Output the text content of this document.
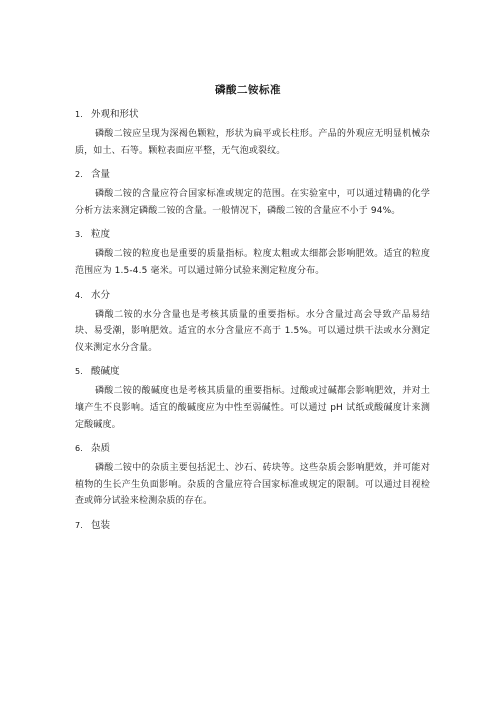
磷酸二铵标准
1. 外观和形状
磷酸二铵应呈现为深褐色颗粒，形状为扁平或长柱形。产品的外观应无明显机械杂质，如土、石等。颗粒表面应平整，无气泡或裂纹。
2. 含量
磷酸二铵的含量应符合国家标准或规定的范围。在实验室中，可以通过精确的化学分析方法来测定磷酸二铵的含量。一般情况下，磷酸二铵的含量应不小于 94%。
3. 粒度
磷酸二铵的粒度也是重要的质量指标。粒度太粗或太细都会影响肥效。适宜的粒度范围应为 1.5-4.5 毫米。可以通过筛分试验来测定粒度分布。
4. 水分
磷酸二铵的水分含量也是考核其质量的重要指标。水分含量过高会导致产品易结块、易受潮，影响肥效。适宜的水分含量应不高于 1.5%。可以通过烘干法或水分测定仪来测定水分含量。
5. 酸碱度
磷酸二铵的酸碱度也是考核其质量的重要指标。过酸或过碱都会影响肥效，并对土壤产生不良影响。适宜的酸碱度应为中性至弱碱性。可以通过 pH 试纸或酸碱度计来测定酸碱度。
6. 杂质
磷酸二铵中的杂质主要包括泥土、沙石、砖块等。这些杂质会影响肥效，并可能对植物的生长产生负面影响。杂质的含量应符合国家标准或规定的限制。可以通过目视检查或筛分试验来检测杂质的存在。
7. 包装
